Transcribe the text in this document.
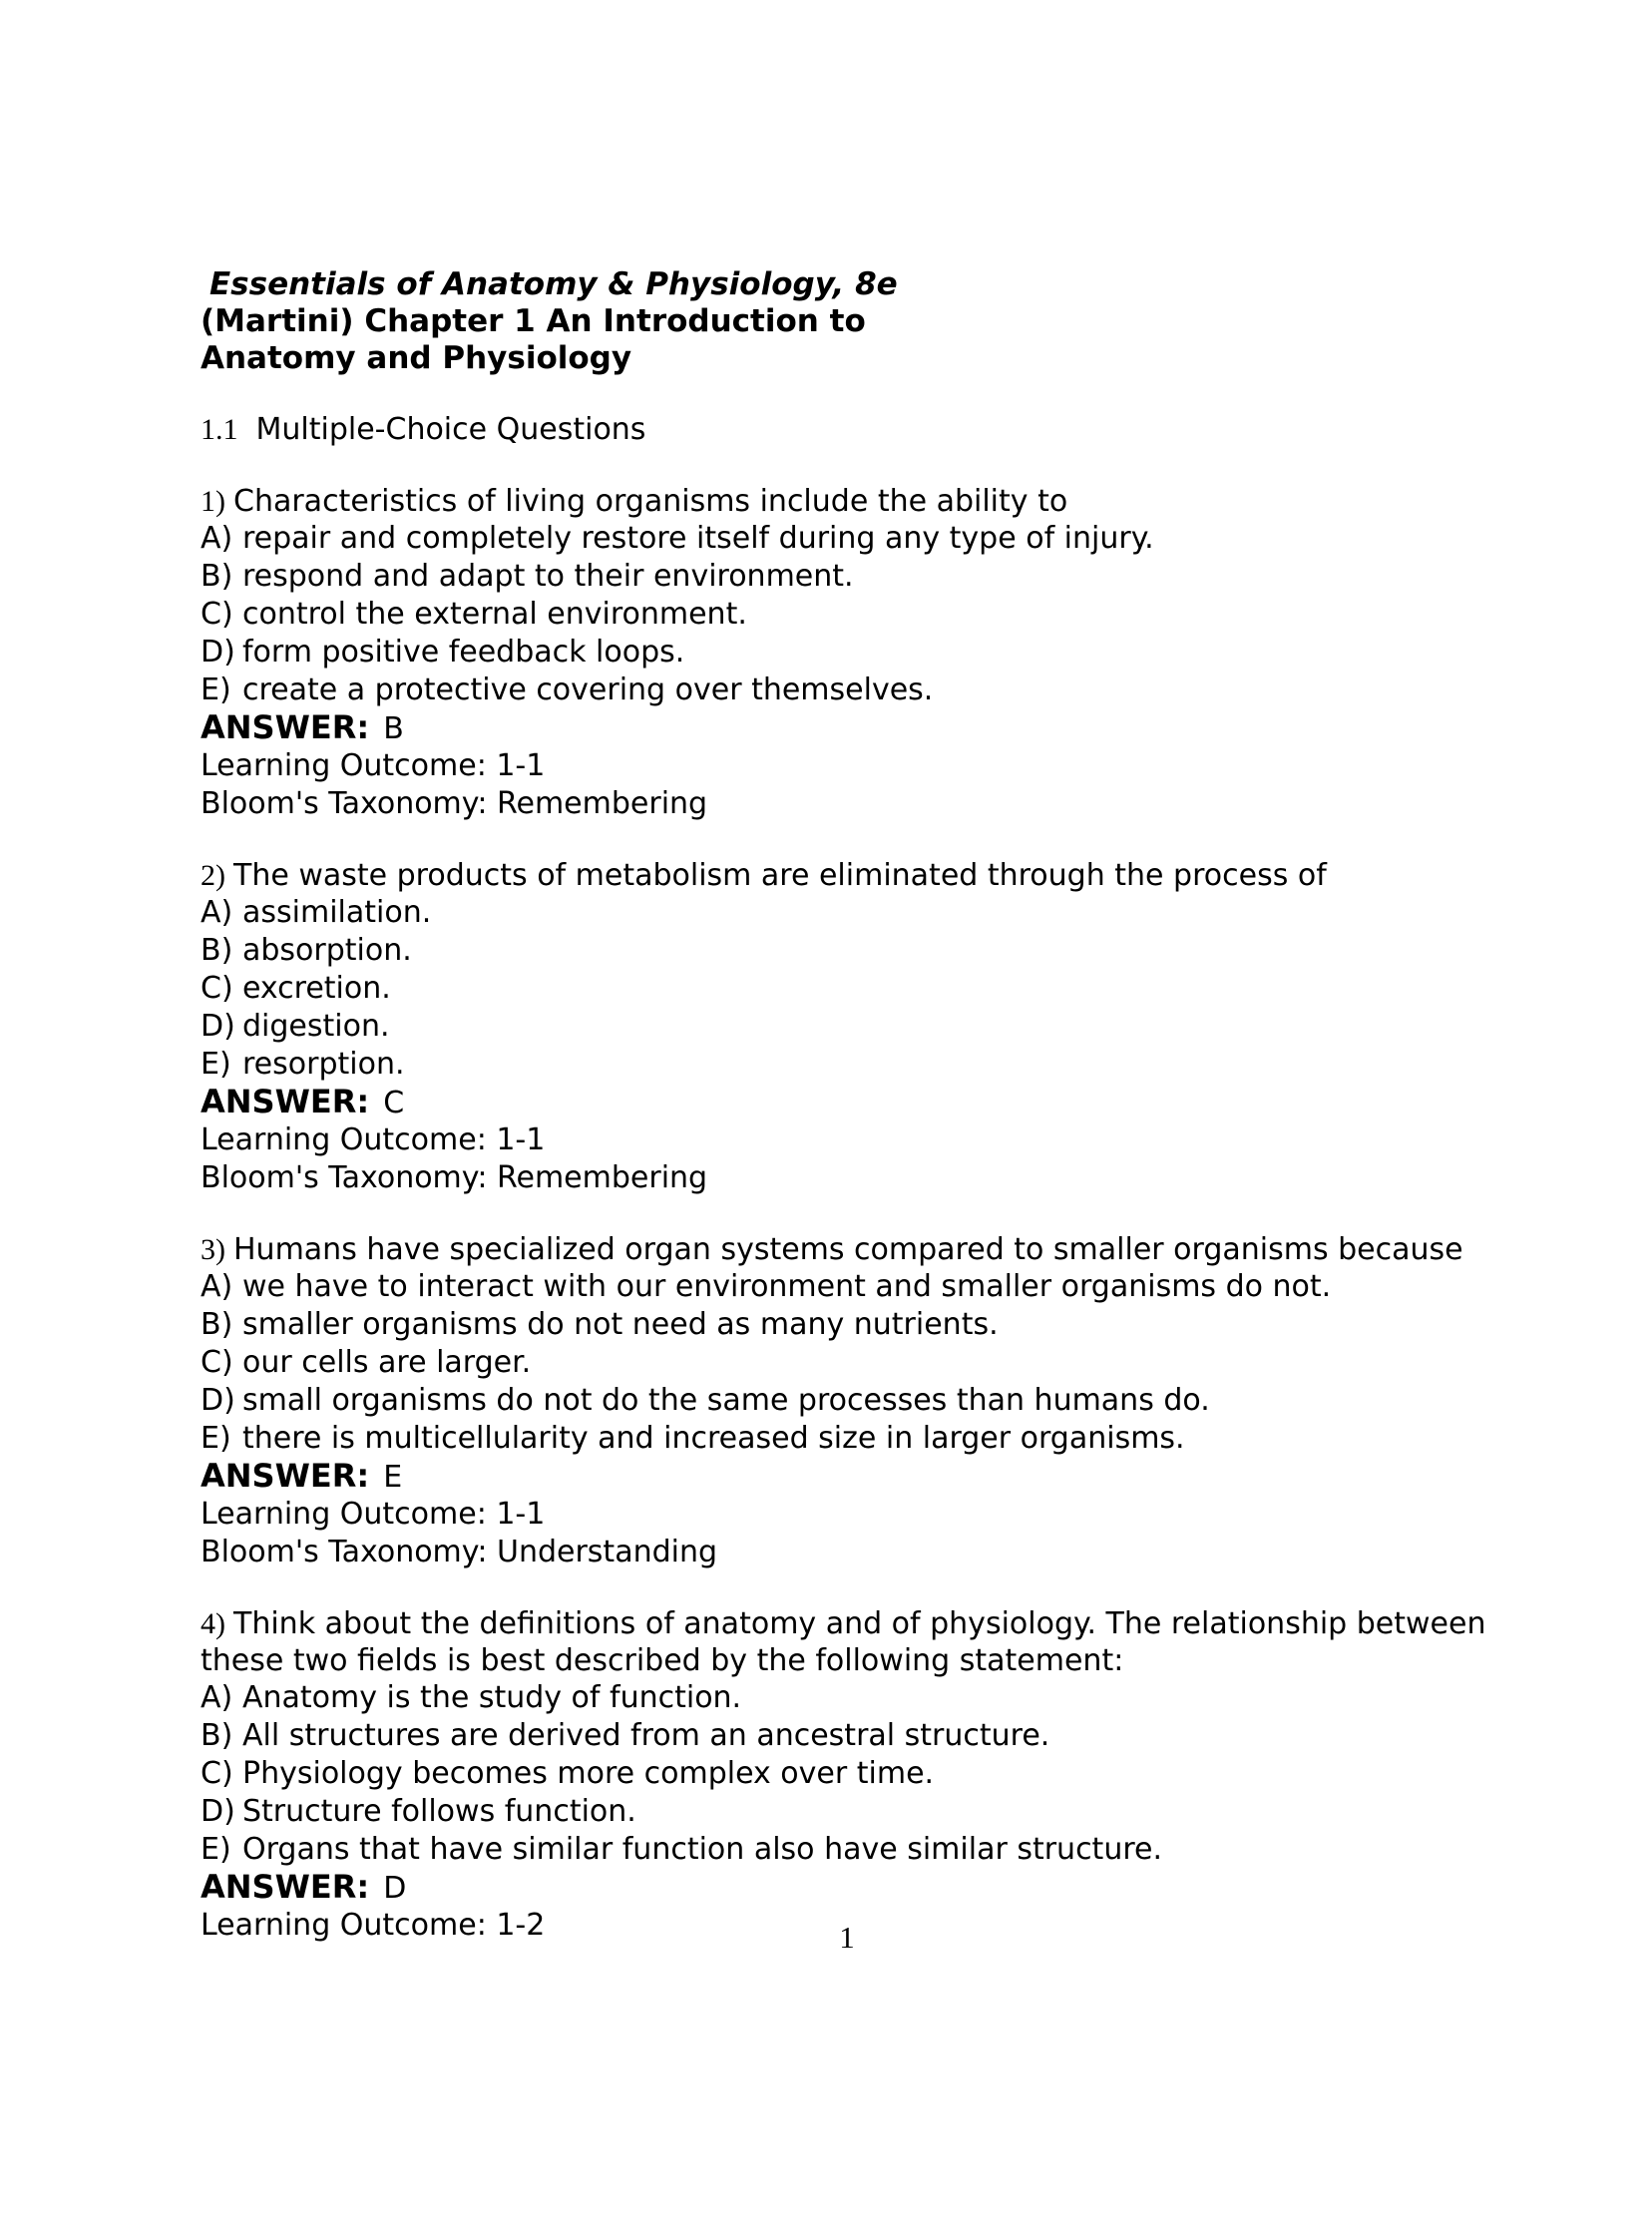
Essentials of Anatomy & Physiology, 8e
(Martini) Chapter 1 An Introduction to
Anatomy and Physiology
1.1 Multiple-Choice Questions
1) Characteristics of living organisms include the ability to
A) repair and completely restore itself during any type of injury.
B) respond and adapt to their environment.
C) control the external environment.
D) form positive feedback loops.
E) create a protective covering over themselves.
ANSWER: B
Learning Outcome: 1-1
Bloom's Taxonomy: Remembering
2) The waste products of metabolism are eliminated through the process of
A) assimilation.
B) absorption.
C) excretion.
D) digestion.
E) resorption.
ANSWER: C
Learning Outcome: 1-1
Bloom's Taxonomy: Remembering
3) Humans have specialized organ systems compared to smaller organisms because
A) we have to interact with our environment and smaller organisms do not.
B) smaller organisms do not need as many nutrients.
C) our cells are larger.
D) small organisms do not do the same processes than humans do.
E) there is multicellularity and increased size in larger organisms.
ANSWER: E
Learning Outcome: 1-1
Bloom's Taxonomy: Understanding
4) Think about the definitions of anatomy and of physiology. The relationship between these two fields is best described by the following statement:
A) Anatomy is the study of function.
B) All structures are derived from an ancestral structure.
C) Physiology becomes more complex over time.
D) Structure follows function.
E) Organs that have similar function also have similar structure.
ANSWER: D
Learning Outcome: 1-2	1
